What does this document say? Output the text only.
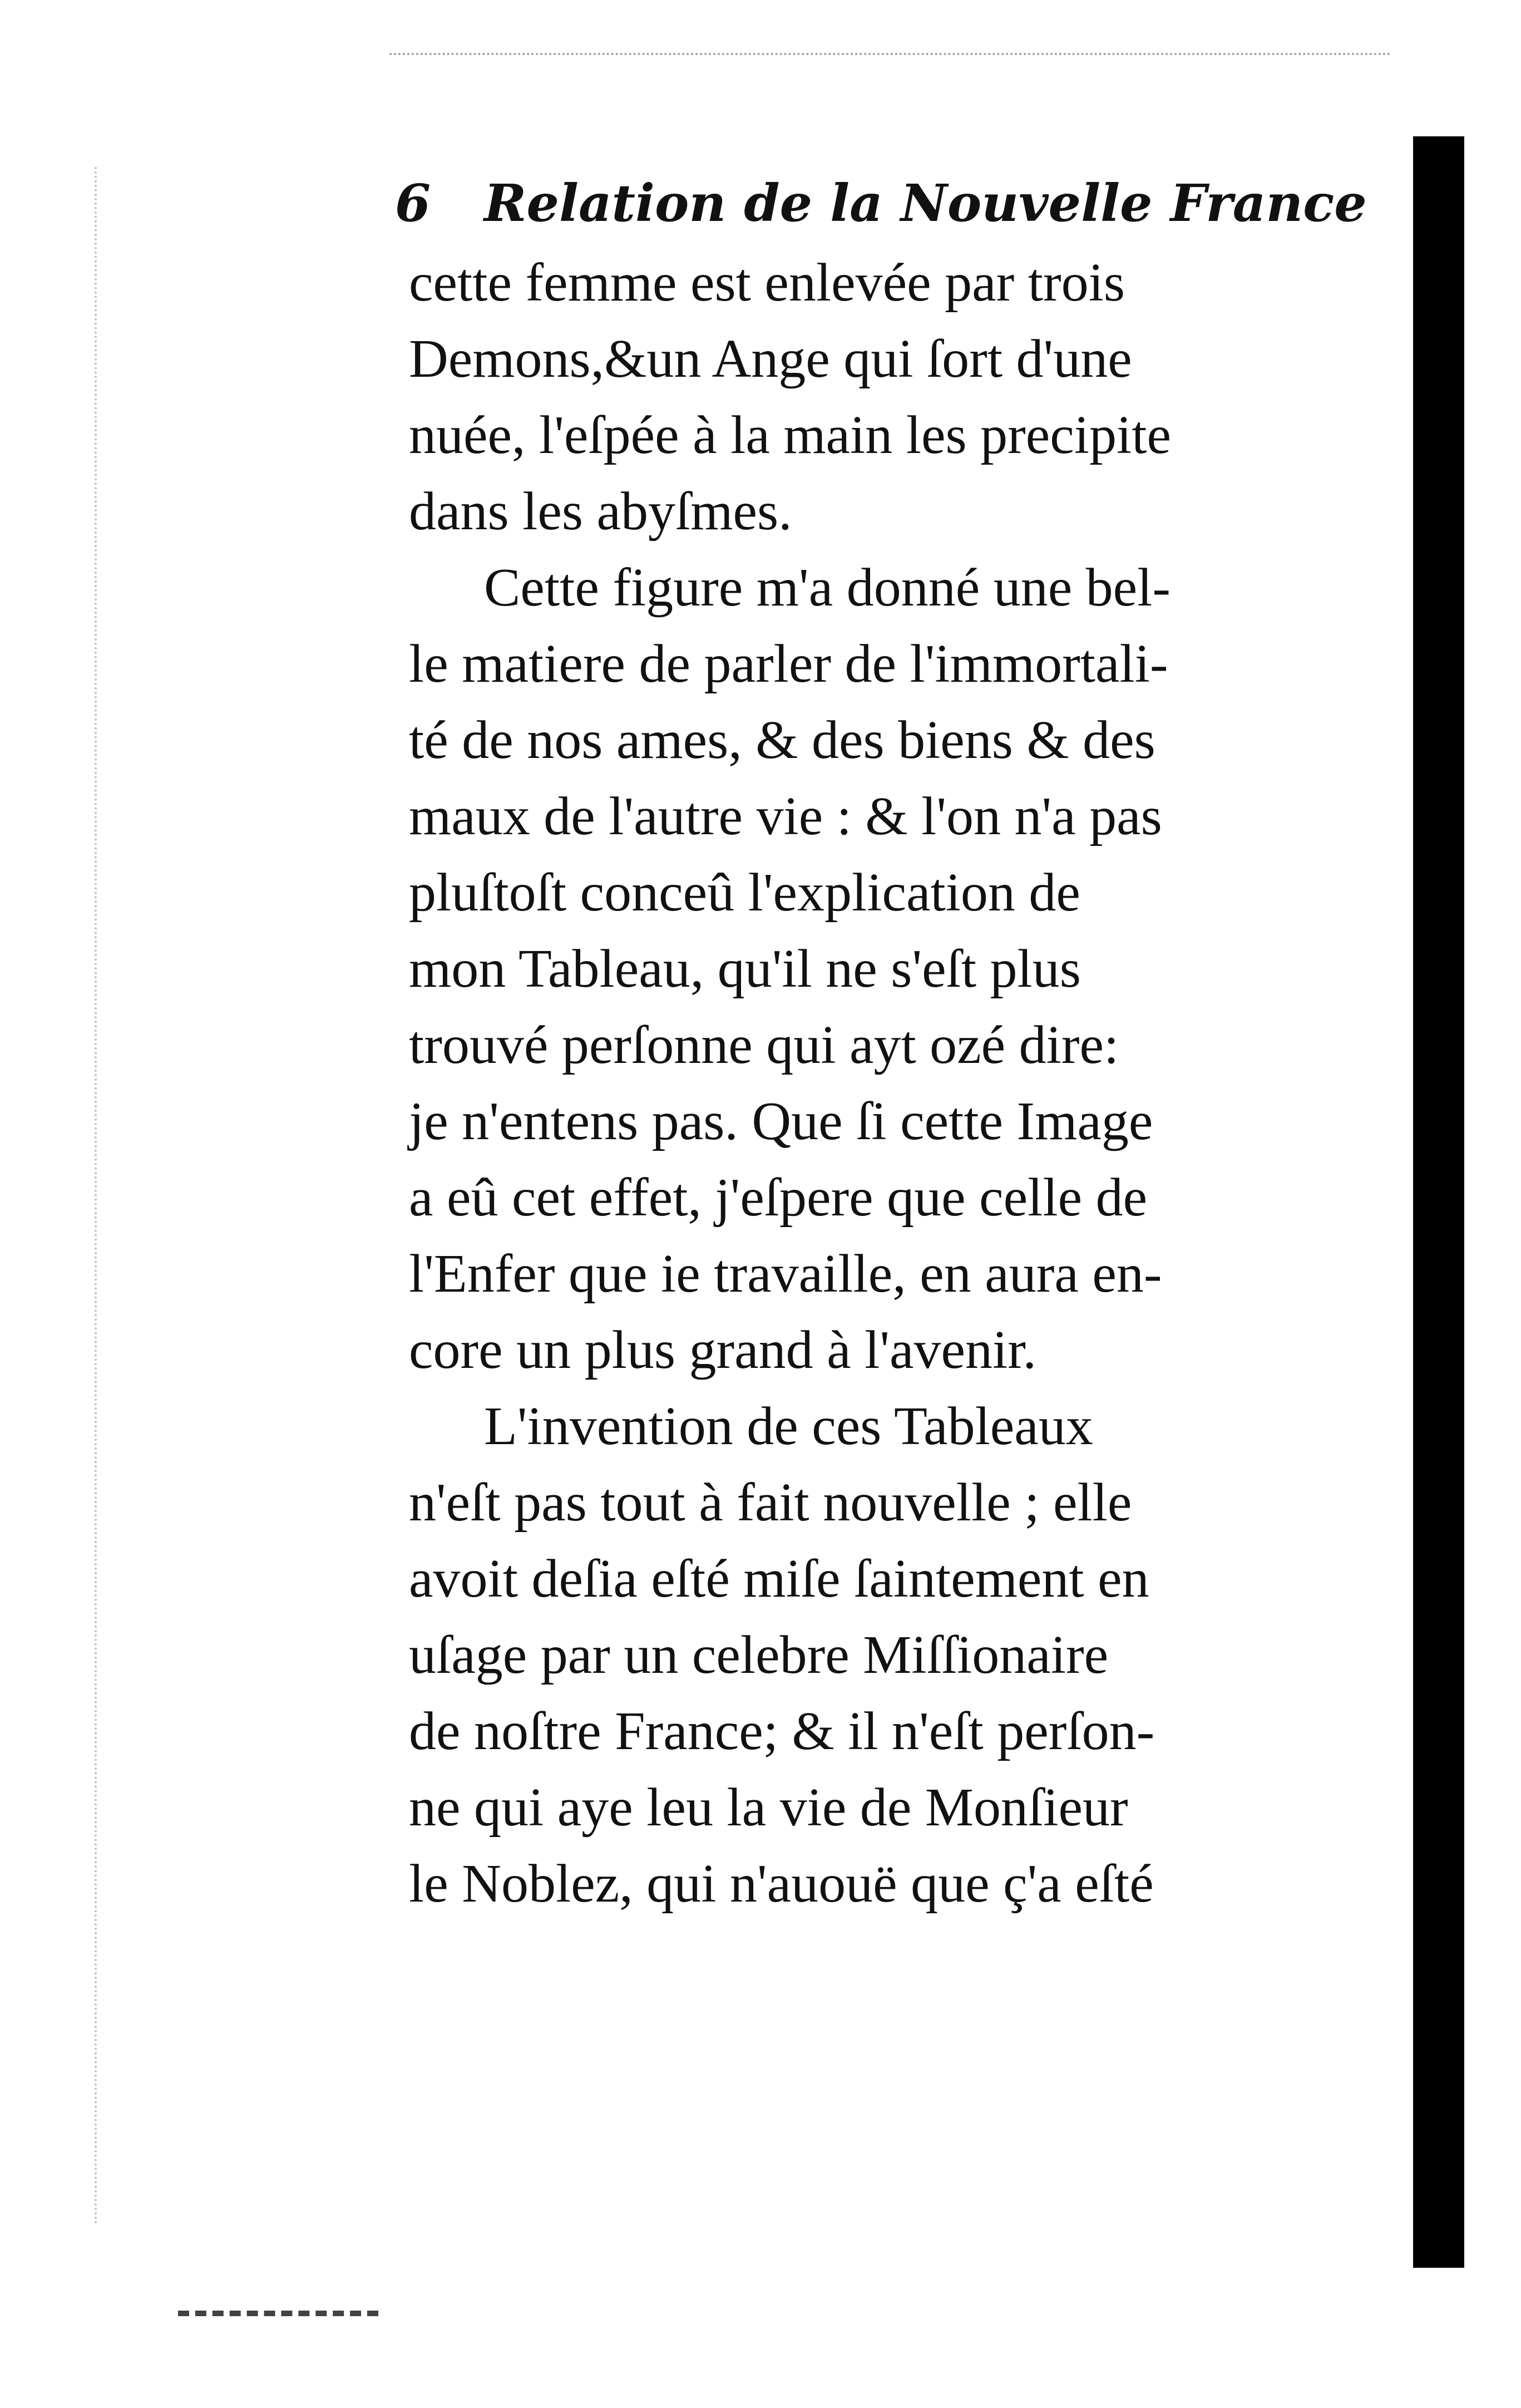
6 Relation de la Nouvelle France
cette femme est enlevée par trois
Demons,&un Ange qui ſort d'une
nuée, l'eſpée à la main les precipite
dans les abyſmes.
Cette figure m'a donné une bel-
le matiere de parler de l'immortali-
té de nos ames, & des biens & des
maux de l'autre vie : & l'on n'a pas
pluſtoſt conceû l'explication de
mon Tableau, qu'il ne s'eſt plus
trouvé perſonne qui ayt ozé dire:
je n'entens pas. Que ſi cette Image
a eû cet effet, j'eſpere que celle de
l'Enfer que ie travaille, en aura en-
core un plus grand à l'avenir.
L'invention de ces Tableaux
n'eſt pas tout à fait nouvelle ; elle
avoit deſia eſté miſe ſaintement en
uſage par un celebre Miſſionaire
de noſtre France; & il n'eſt perſon-
ne qui aye leu la vie de Monſieur
le Noblez, qui n'auouë que ç'a eſté
